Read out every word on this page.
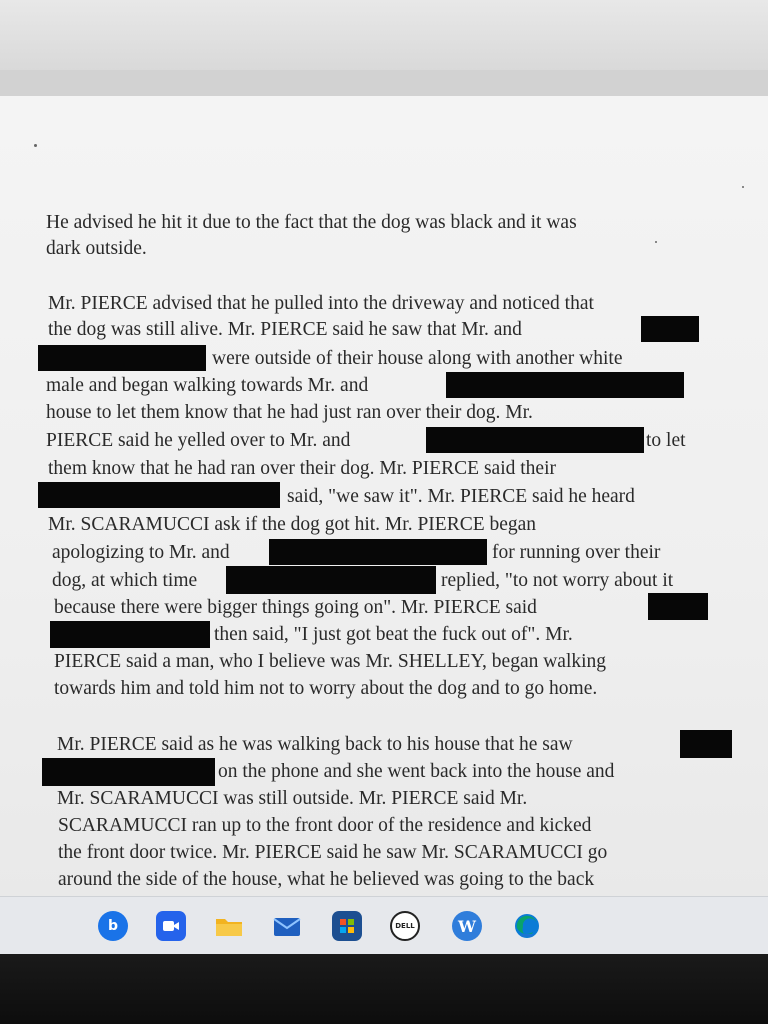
He advised he hit it due to the fact that the dog was black and it was
dark outside.
Mr. PIERCE advised that he pulled into the driveway and noticed that
the dog was still alive. Mr. PIERCE said he saw that Mr. and
were outside of their house along with another white
male and began walking towards Mr. and
house to let them know that he had just ran over their dog. Mr.
PIERCE said he yelled over to Mr. and	to let
them know that he had ran over their dog. Mr. PIERCE said their
said, "we saw it". Mr. PIERCE said he heard
Mr. SCARAMUCCI ask if the dog got hit. Mr. PIERCE began
apologizing to Mr. and	for running over their
dog, at which time	replied, "to not worry about it
because there were bigger things going on". Mr. PIERCE said
then said, "I just got beat the fuck out of". Mr.
PIERCE said a man, who I believe was Mr. SHELLEY, began walking
towards him and told him not to worry about the dog and to go home.
Mr. PIERCE said as he was walking back to his house that he saw
on the phone and she went back into the house and
Mr. SCARAMUCCI was still outside. Mr. PIERCE said Mr.
SCARAMUCCI ran up to the front door of the residence and kicked
the front door twice. Mr. PIERCE said he saw Mr. SCARAMUCCI go
around the side of the house, what he believed was going to the back
b	DELL	W
